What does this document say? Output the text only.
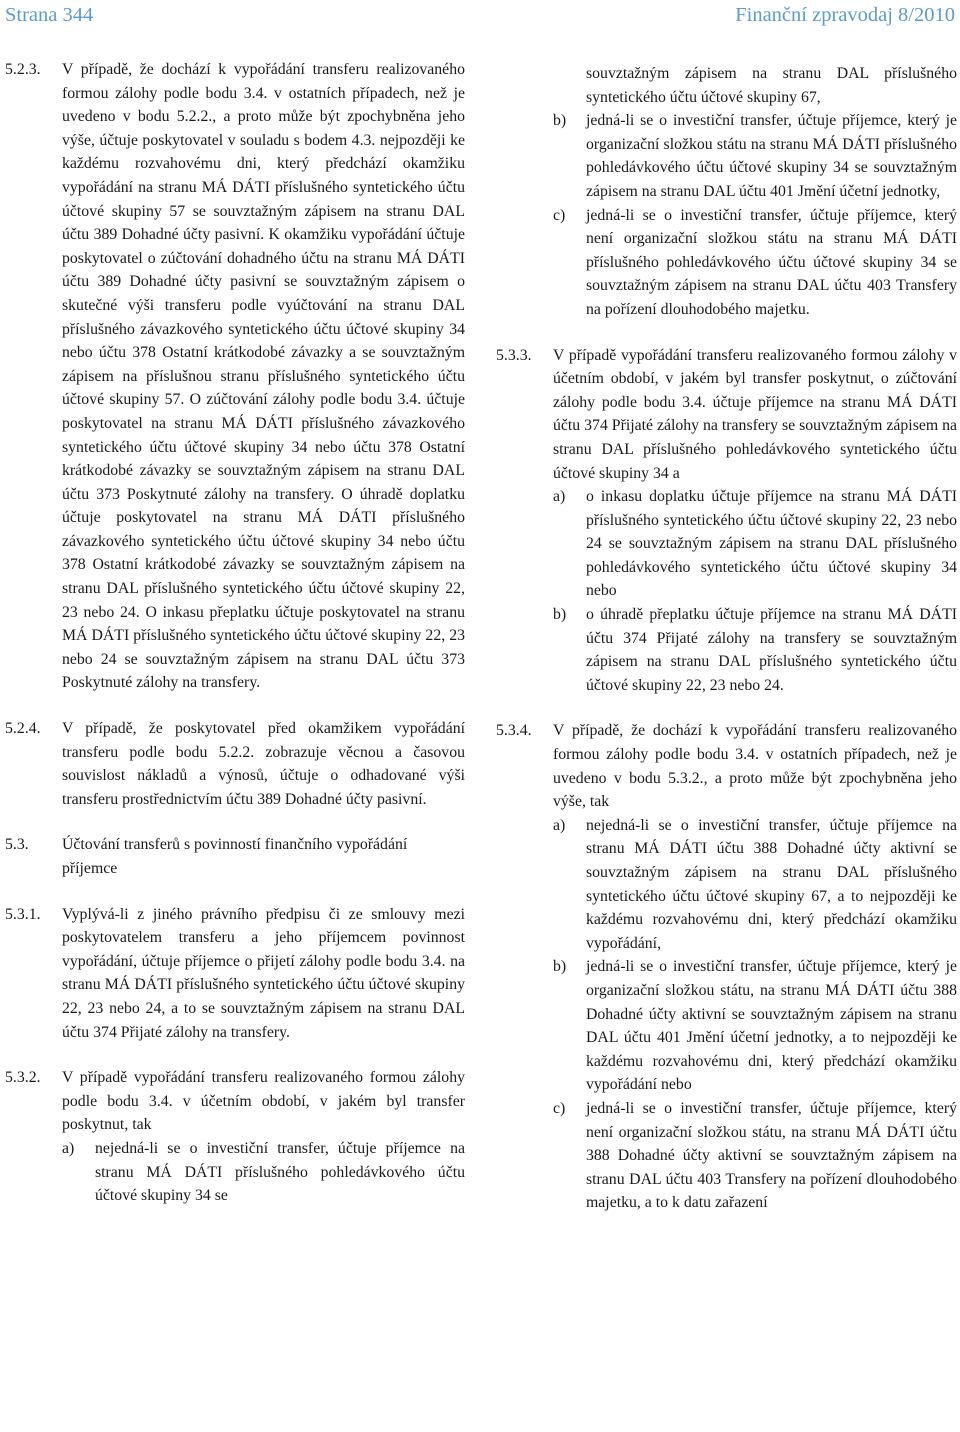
Strana 344	Finanční zpravodaj 8/2010
5.2.3.	V případě, že dochází k vypořádání transferu realizovaného formou zálohy podle bodu 3.4. v ostatních případech, než je uvedeno v bodu 5.2.2., a proto může být zpochybněna jeho výše, účtuje poskytovatel v souladu s bodem 4.3. nejpozději ke každému rozvahovému dni, který předchází okamžiku vypořádání na stranu MÁ DÁTI příslušného syntetického účtu účtové skupiny 57 se souvztažným zápisem na stranu DAL účtu 389 Dohadné účty pasivní. K okamžiku vypořádání účtuje poskytovatel o zúčtování dohadného účtu na stranu MÁ DÁTI účtu 389 Dohadné účty pasivní se souvztažným zápisem o skutečné výši transferu podle vyúčtování na stranu DAL příslušného závazkového syntetického účtu účtové skupiny 34 nebo účtu 378 Ostatní krátkodobé závazky a se souvztažným zápisem na příslušnou stranu příslušného syntetického účtu účtové skupiny 57. O zúčtování zálohy podle bodu 3.4. účtuje poskytovatel na stranu MÁ DÁTI příslušného závazkového syntetického účtu účtové skupiny 34 nebo účtu 378 Ostatní krátkodobé závazky se souvztažným zápisem na stranu DAL účtu 373 Poskytnuté zálohy na transfery. O úhradě doplatku účtuje poskytovatel na stranu MÁ DÁTI příslušného závazkového syntetického účtu účtové skupiny 34 nebo účtu 378 Ostatní krátkodobé závazky se souvztažným zápisem na stranu DAL příslušného syntetického účtu účtové skupiny 22, 23 nebo 24. O inkasu přeplatku účtuje poskytovatel na stranu MÁ DÁTI příslušného syntetického účtu účtové skupiny 22, 23 nebo 24 se souvztažným zápisem na stranu DAL účtu 373 Poskytnuté zálohy na transfery.
5.2.4.	V případě, že poskytovatel před okamžikem vypořádání transferu podle bodu 5.2.2. zobrazuje věcnou a časovou souvislost nákladů a výnosů, účtuje o odhadované výši transferu prostřednictvím účtu 389 Dohadné účty pasivní.
5.3.	Účtování transferů s povinností finančního vypořádání příjemce
5.3.1.	Vyplývá-li z jiného právního předpisu či ze smlouvy mezi poskytovatelem transferu a jeho příjemcem povinnost vypořádání, účtuje příjemce o přijetí zálohy podle bodu 3.4. na stranu MÁ DÁTI příslušného syntetického účtu účtové skupiny 22, 23 nebo 24, a to se souvztažným zápisem na stranu DAL účtu 374 Přijaté zálohy na transfery.
5.3.2.	V případě vypořádání transferu realizovaného formou zálohy podle bodu 3.4. v účetním období, v jakém byl transfer poskytnut, tak
a)	nejedná-li se o investiční transfer, účtuje příjemce na stranu MÁ DÁTI příslušného pohledávkového účtu účtové skupiny 34 se
souvztažným zápisem na stranu DAL příslušného syntetického účtu účtové skupiny 67,
b)	jedná-li se o investiční transfer, účtuje příjemce, který je organizační složkou státu na stranu MÁ DÁTI příslušného pohledávkového účtu účtové skupiny 34 se souvztažným zápisem na stranu DAL účtu 401 Jmění účetní jednotky,
c)	jedná-li se o investiční transfer, účtuje příjemce, který není organizační složkou státu na stranu MÁ DÁTI příslušného pohledávkového účtu účtové skupiny 34 se souvztažným zápisem na stranu DAL účtu 403 Transfery na pořízení dlouhodobého majetku.
5.3.3.	V případě vypořádání transferu realizovaného formou zálohy v účetním období, v jakém byl transfer poskytnut, o zúčtování zálohy podle bodu 3.4. účtuje příjemce na stranu MÁ DÁTI účtu 374 Přijaté zálohy na transfery se souvztažným zápisem na stranu DAL příslušného pohledávkového syntetického účtu účtové skupiny 34 a
a)	o inkasu doplatku účtuje příjemce na stranu MÁ DÁTI příslušného syntetického účtu účtové skupiny 22, 23 nebo 24 se souvztažným zápisem na stranu DAL příslušného pohledávkového syntetického účtu účtové skupiny 34 nebo
b)	o úhradě přeplatku účtuje příjemce na stranu MÁ DÁTI účtu 374 Přijaté zálohy na transfery se souvztažným zápisem na stranu DAL příslušného syntetického účtu účtové skupiny 22, 23 nebo 24.
5.3.4.	V případě, že dochází k vypořádání transferu realizovaného formou zálohy podle bodu 3.4. v ostatních případech, než je uvedeno v bodu 5.3.2., a proto může být zpochybněna jeho výše, tak
a)	nejedná-li se o investiční transfer, účtuje příjemce na stranu MÁ DÁTI účtu 388 Dohadné účty aktivní se souvztažným zápisem na stranu DAL příslušného syntetického účtu účtové skupiny 67, a to nejpozději ke každému rozvahovému dni, který předchází okamžiku vypořádání,
b)	jedná-li se o investiční transfer, účtuje příjemce, který je organizační složkou státu, na stranu MÁ DÁTI účtu 388 Dohadné účty aktivní se souvztažným zápisem na stranu DAL účtu 401 Jmění účetní jednotky, a to nejpozději ke každému rozvahovému dni, který předchází okamžiku vypořádání nebo
c)	jedná-li se o investiční transfer, účtuje příjemce, který není organizační složkou státu, na stranu MÁ DÁTI účtu 388 Dohadné účty aktivní se souvztažným zápisem na stranu DAL účtu 403 Transfery na pořízení dlouhodobého majetku, a to k datu zařazení
